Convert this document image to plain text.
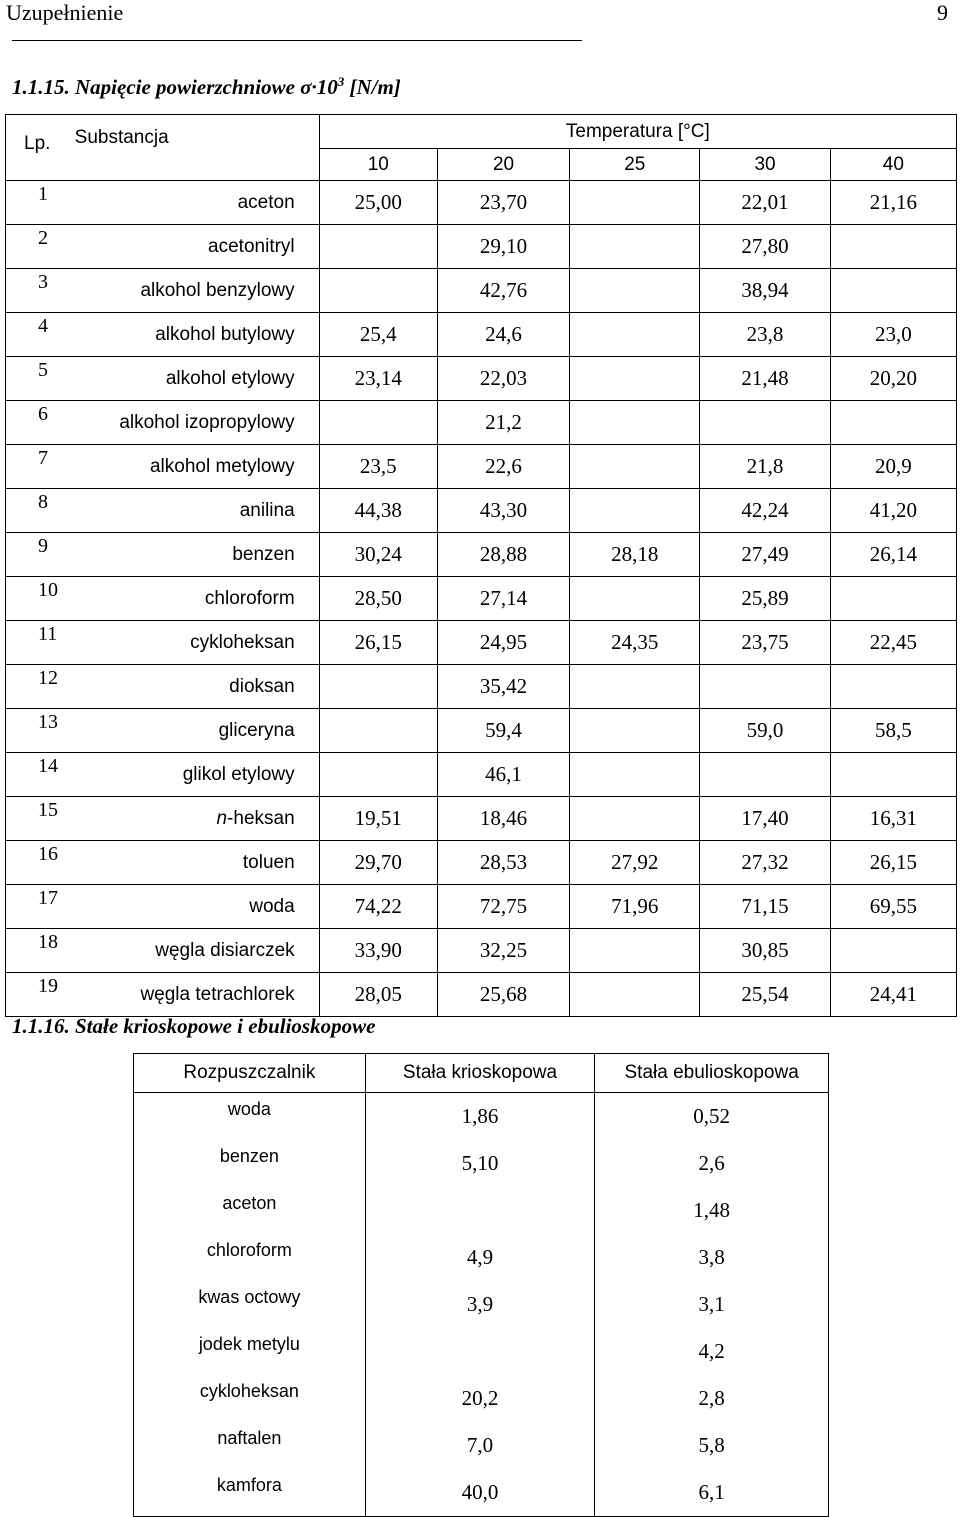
Uzupełnienie	9
1.1.15. Napięcie powierzchniowe $\sigma\cdot 10^3$ [N/m]
Lp.	Substancja	Temperatura [°C]				
		10	20	25	30	40
1	aceton	25,00	23,70		22,01	21,16
2	acetonitryl		29,10		27,80	
3	alkohol benzylowy		42,76		38,94	
4	alkohol butylowy	25,4	24,6		23,8	23,0
5	alkohol etylowy	23,14	22,03		21,48	20,20
6	alkohol izopropylowy		21,2			
7	alkohol metylowy	23,5	22,6		21,8	20,9
8	anilina	44,38	43,30		42,24	41,20
9	benzen	30,24	28,88	28,18	27,49	26,14
10	chloroform	28,50	27,14		25,89	
11	cykloheksan	26,15	24,95	24,35	23,75	22,45
12	dioksan		35,42			
13	gliceryna		59,4		59,0	58,5
14	glikol etylowy		46,1			
15	n-heksan	19,51	18,46		17,40	16,31
16	toluen	29,70	28,53	27,92	27,32	26,15
17	woda	74,22	72,75	71,96	71,15	69,55
18	węgla disiarczek	33,90	32,25		30,85	
19	węgla tetrachlorek	28,05	25,68		25,54	24,41
1.1.16. Stałe krioskopowe i ebulioskopowe
Rozpuszczalnik	Stała krioskopowa	Stała ebulioskopowa
woda	1,86	0,52
benzen	5,10	2,6
aceton		1,48
chloroform	4,9	3,8
kwas octowy	3,9	3,1
jodek metylu		4,2
cykloheksan	20,2	2,8
naftalen	7,0	5,8
kamfora	40,0	6,1
